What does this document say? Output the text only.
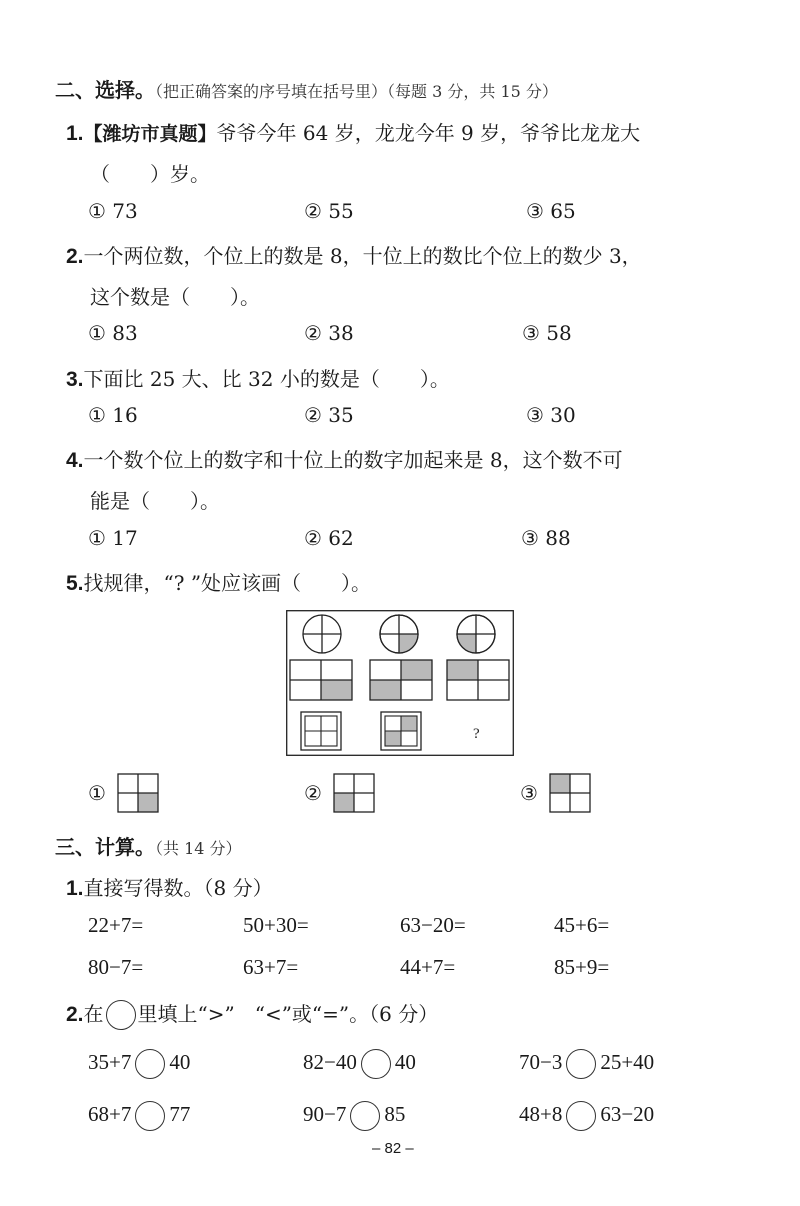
二、选择。（把正确答案的序号填在括号里）（每题 3 分，共 15 分）
1.【潍坊市真题】爷爷今年 64 岁，龙龙今年 9 岁，爷爷比龙龙大
（　　）岁。
① 73	② 55	③ 65
2.一个两位数，个位上的数是 8，十位上的数比个位上的数少 3，
这个数是（　　）。
① 83	② 38	③ 58
3.下面比 25 大、比 32 小的数是（　　）。
① 16	② 35	③ 30
4.一个数个位上的数字和十位上的数字加起来是 8，这个数不可
能是（　　）。
① 17	② 62	③ 88
5.找规律，“? ”处应该画（　　）。
?
①	②	③
三、计算。（共 14 分）
1.直接写得数。（8 分）
22+7=	50+30=	63−20=	45+6=
80−7=	63+7=	44+7=	85+9=
2.在 里填上“>”　“<”或“=”。（6 分）
35+7 40	82−40 40	70−3 25+40
68+7 77	90−7 85	48+8 63−20
– 82 –
